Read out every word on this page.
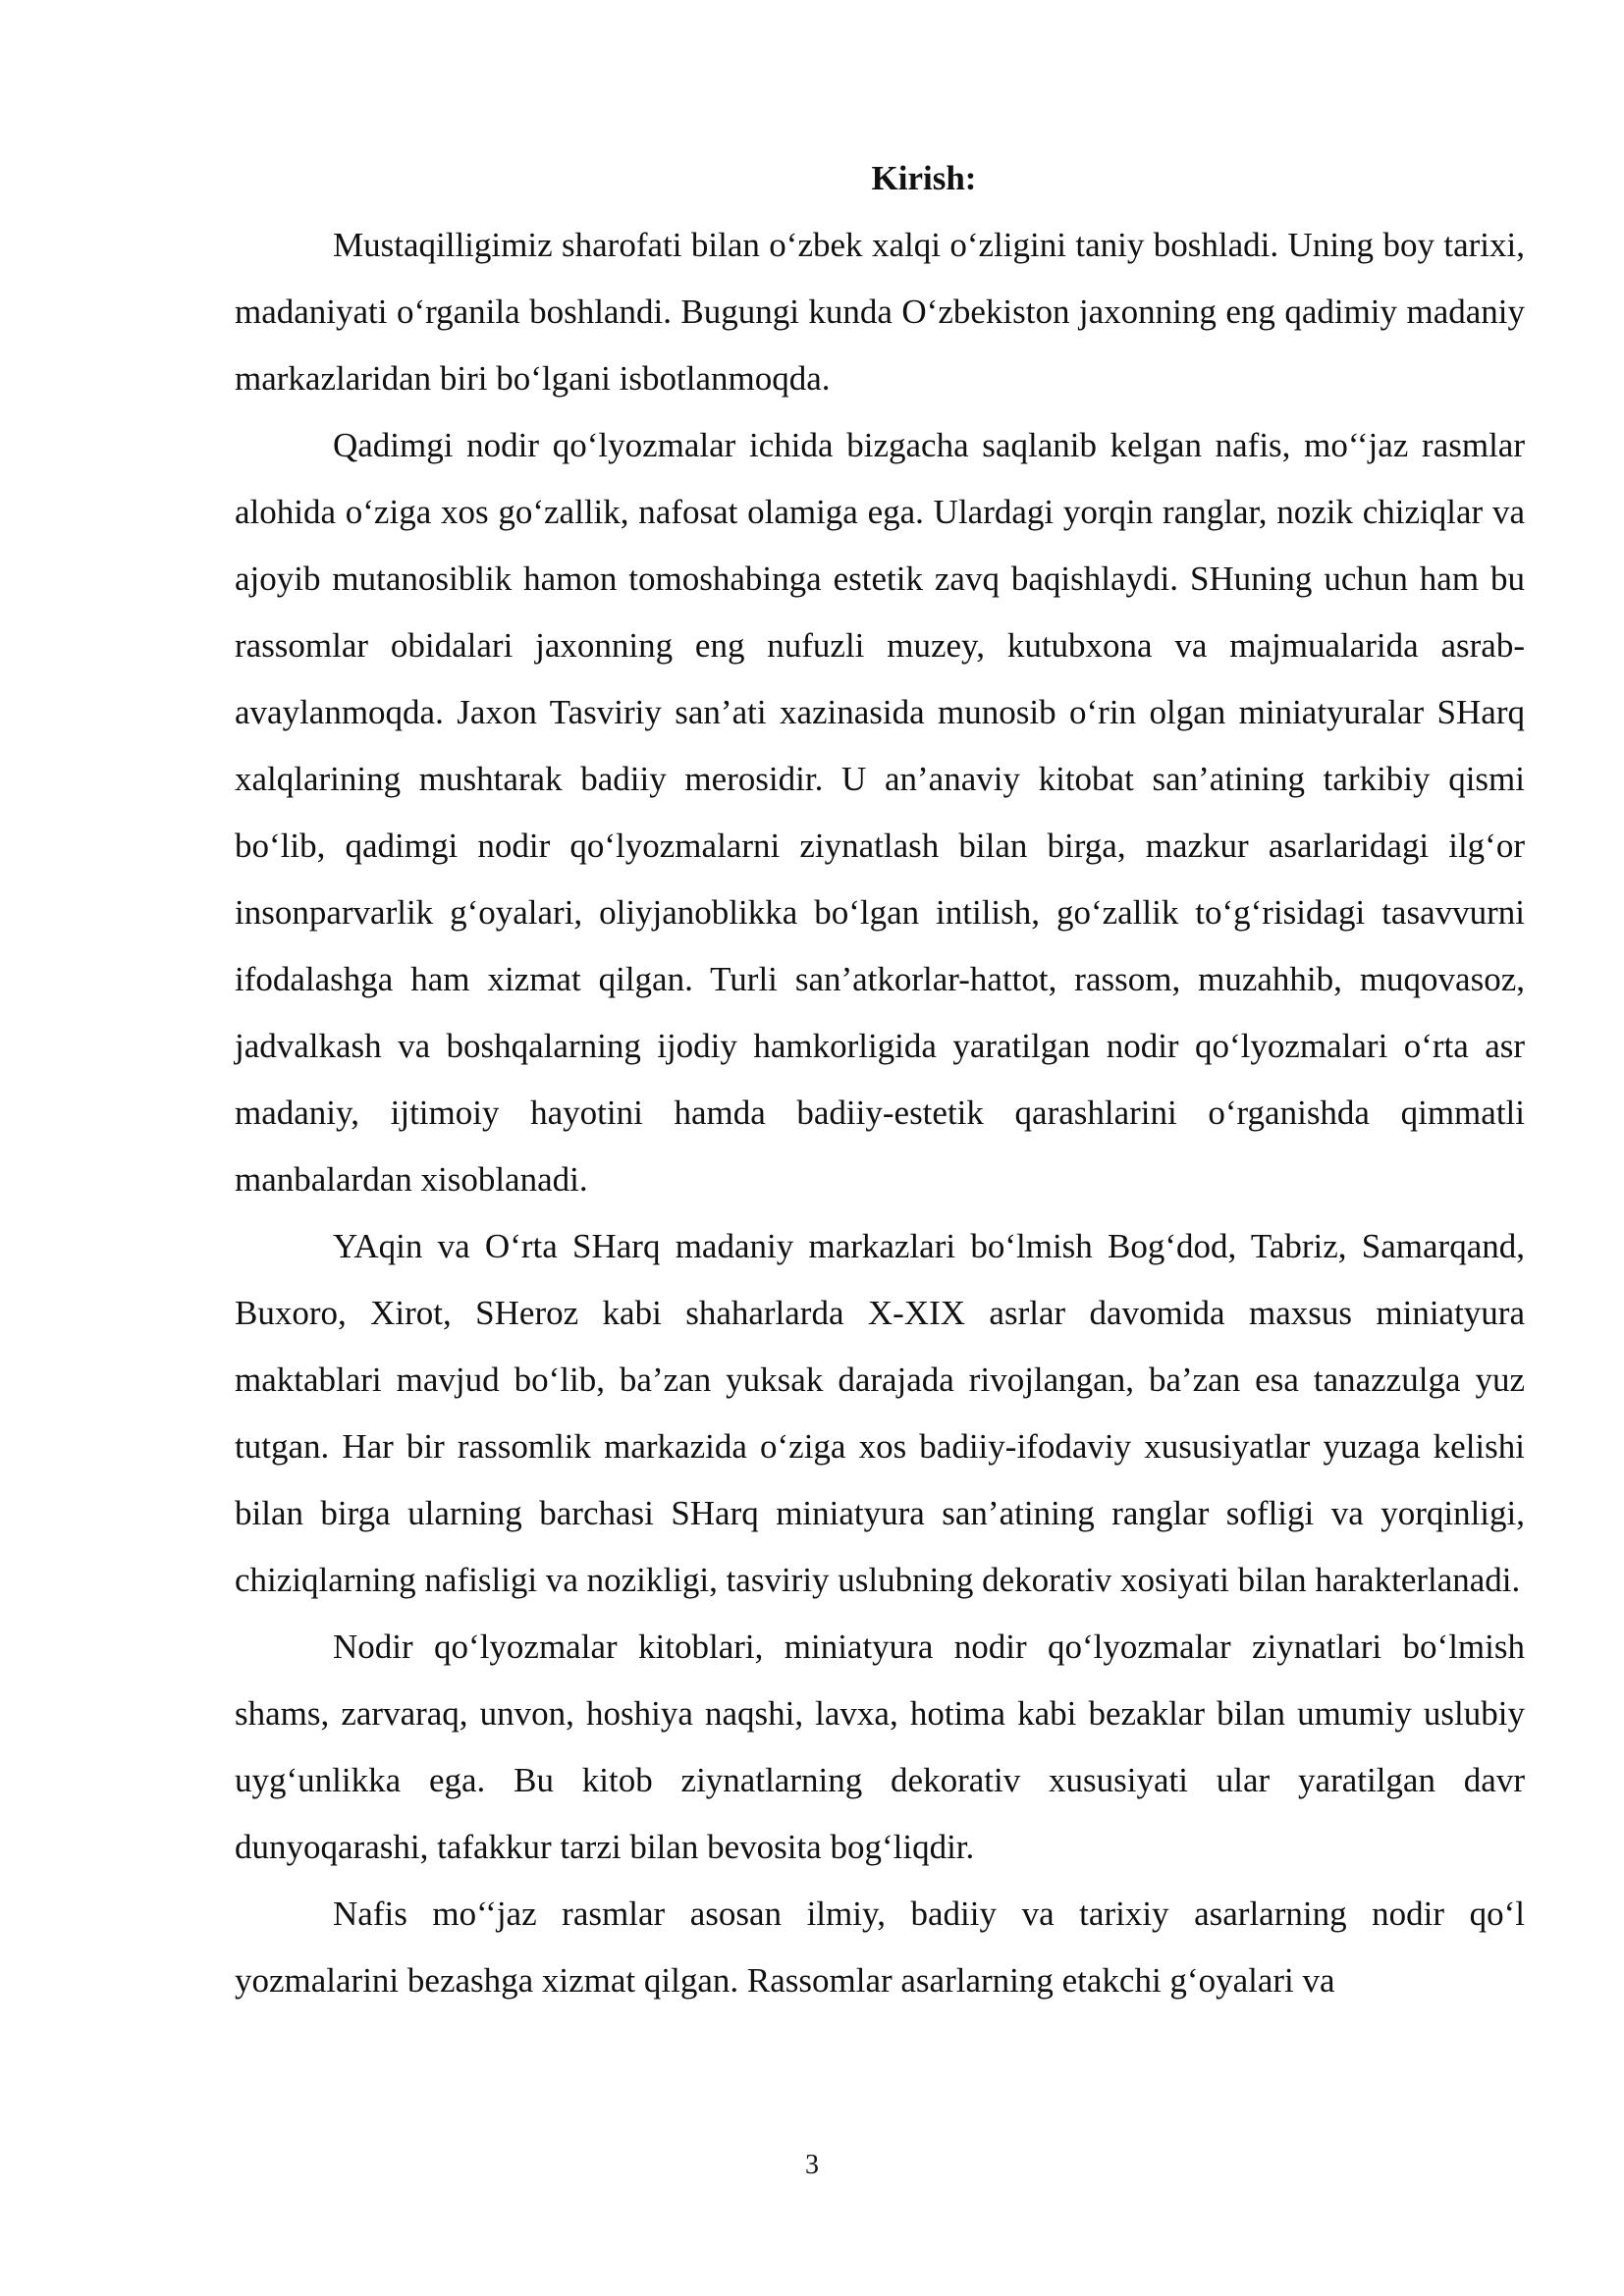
Kirish:

Mustaqilligimiz sharofati bilan o‘zbek xalqi o‘zligini taniy boshladi. Uning boy tarixi, madaniyati o‘rganila boshlandi. Bugungi kunda O‘zbekiston jaxonning eng qadimiy madaniy markazlaridan biri bo‘lgani isbotlanmoqda.

Qadimgi nodir qo‘lyozmalar ichida bizgacha saqlanib kelgan nafis, mo‘‘jaz rasmlar alohida o‘ziga xos go‘zallik, nafosat olamiga ega. Ulardagi yorqin ranglar, nozik chiziqlar va ajoyib mutanosiblik hamon tomoshabinga estetik zavq baqishlaydi. SHuning uchun ham bu rassomlar obidalari jaxonning eng nufuzli muzey, kutubxona va majmualarida asrab-avaylanmoqda. Jaxon Tasviriy san’ati xazinasida munosib o‘rin olgan miniatyuralar SHarq xalqlarining mushtarak badiiy merosidir. U an’anaviy kitobat san’atining tarkibiy qismi bo‘lib, qadimgi nodir qo‘lyozmalarni ziynatlash bilan birga, mazkur asarlaridagi ilg‘or insonparvarlik g‘oyalari, oliyjanoblikka bo‘lgan intilish, go‘zallik to‘g‘risidagi tasavvurni ifodalashga ham xizmat qilgan. Turli san’atkorlar-hattot, rassom, muzahhib, muqovasoz, jadvalkash va boshqalarning ijodiy hamkorligida yaratilgan nodir qo‘lyozmalari o‘rta asr madaniy, ijtimoiy hayotini hamda badiiy-estetik qarashlarini o‘rganishda qimmatli manbalardan xisoblanadi.

YAqin va O‘rta SHarq madaniy markazlari bo‘lmish Bog‘dod, Tabriz, Samarqand, Buxoro, Xirot, SHeroz kabi shaharlarda X-XIX asrlar davomida maxsus miniatyura maktablari mavjud bo‘lib, ba’zan yuksak darajada rivojlangan, ba’zan esa tanazzulga yuz tutgan. Har bir rassomlik markazida o‘ziga xos badiiy-ifodaviy xususiyatlar yuzaga kelishi bilan birga ularning barchasi SHarq miniatyura san’atining ranglar sofligi va yorqinligi, chiziqlarning nafisligi va nozikligi, tasviriy uslubning dekorativ xosiyati bilan harakterlanadi.

Nodir qo‘lyozmalar kitoblari, miniatyura nodir qo‘lyozmalar ziynatlari bo‘lmish shams, zarvaraq, unvon, hoshiya naqshi, lavxa, hotima kabi bezaklar bilan umumiy uslubiy uyg‘unlikka ega. Bu kitob ziynatlarning dekorativ xususiyati ular yaratilgan davr dunyoqarashi, tafakkur tarzi bilan bevosita bog‘liqdir.

Nafis mo‘‘jaz rasmlar asosan ilmiy, badiiy va tarixiy asarlarning nodir qo‘l yozmalarini bezashga xizmat qilgan. Rassomlar asarlarning etakchi g‘oyalari va

3
